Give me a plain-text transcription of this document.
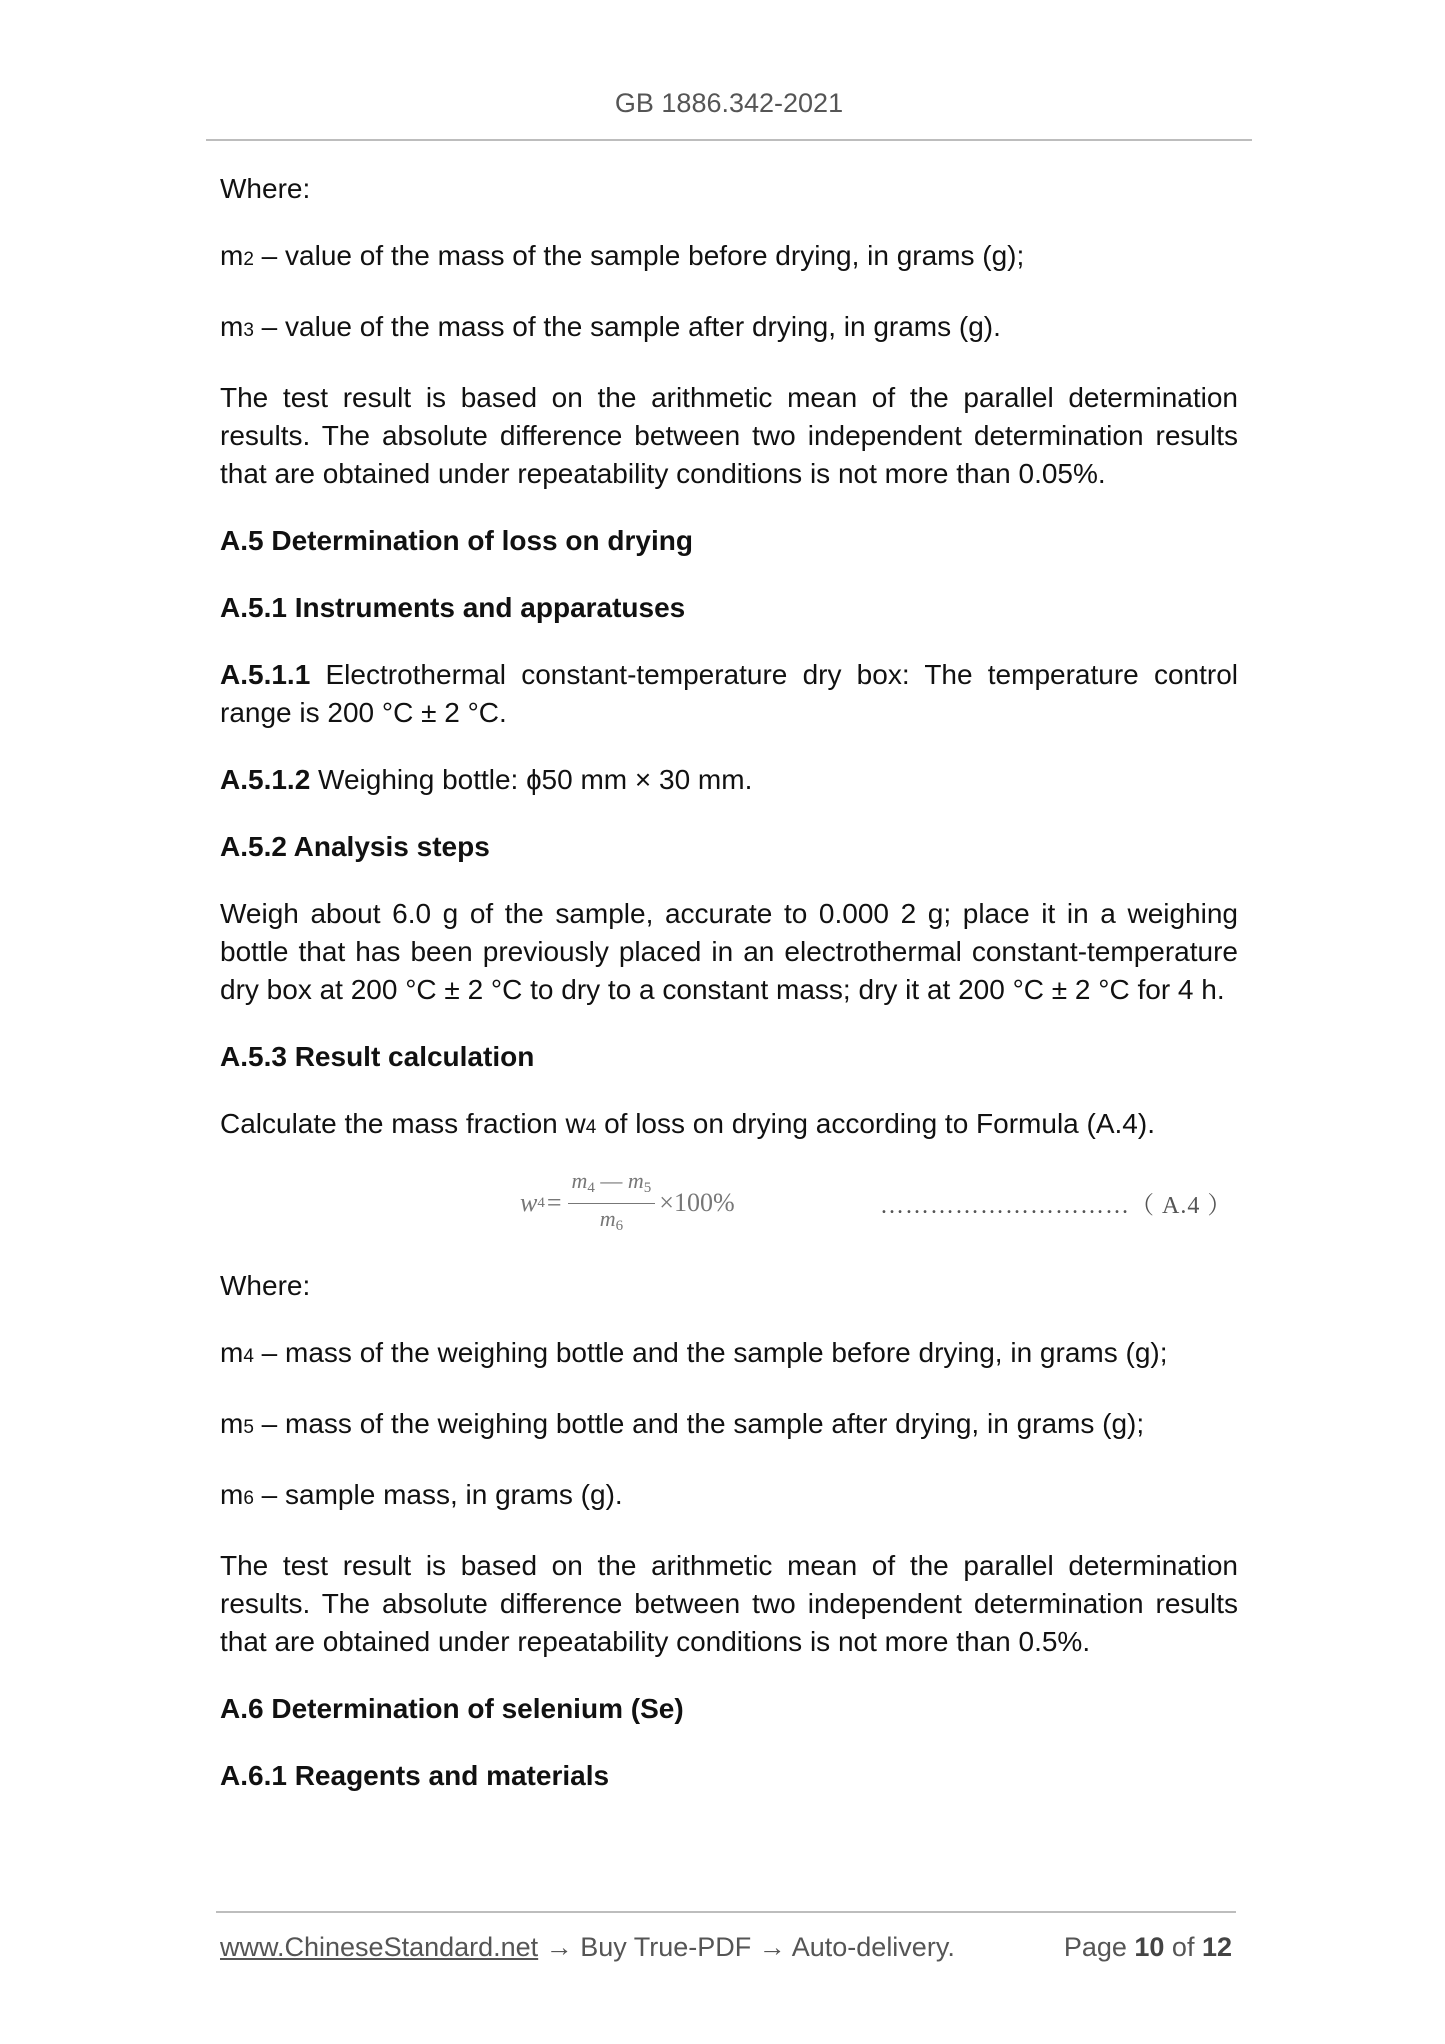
GB 1886.342-2021

Where:

m2 – value of the mass of the sample before drying, in grams (g);

m3 – value of the mass of the sample after drying, in grams (g).

The test result is based on the arithmetic mean of the parallel determination results. The absolute difference between two independent determination results that are obtained under repeatability conditions is not more than 0.05%.

A.5 Determination of loss on drying
A.5.1 Instruments and apparatuses

A.5.1.1 Electrothermal constant-temperature dry box: The temperature control range is 200 °C ± 2 °C.

A.5.1.2 Weighing bottle: ɸ50 mm × 30 mm.

A.5.2 Analysis steps

Weigh about 6.0 g of the sample, accurate to 0.000 2 g; place it in a weighing bottle that has been previously placed in an electrothermal constant-temperature dry box at 200 °C ± 2 °C to dry to a constant mass; dry it at 200 °C ± 2 °C for 4 h.

A.5.3 Result calculation

Calculate the mass fraction w4 of loss on drying according to Formula (A.4).

w $4 = \frac{m4 — m5}{m6} \times 100\%$	…………………………（ A.4 ）

Where:

m4 – mass of the weighing bottle and the sample before drying, in grams (g);

m5 – mass of the weighing bottle and the sample after drying, in grams (g);

m6 – sample mass, in grams (g).

The test result is based on the arithmetic mean of the parallel determination results. The absolute difference between two independent determination results that are obtained under repeatability conditions is not more than 0.5%.

A.6 Determination of selenium (Se)
A.6.1 Reagents and materials
www.ChineseStandard.net → Buy True-PDF → Auto-delivery.	Page 10 of 12
